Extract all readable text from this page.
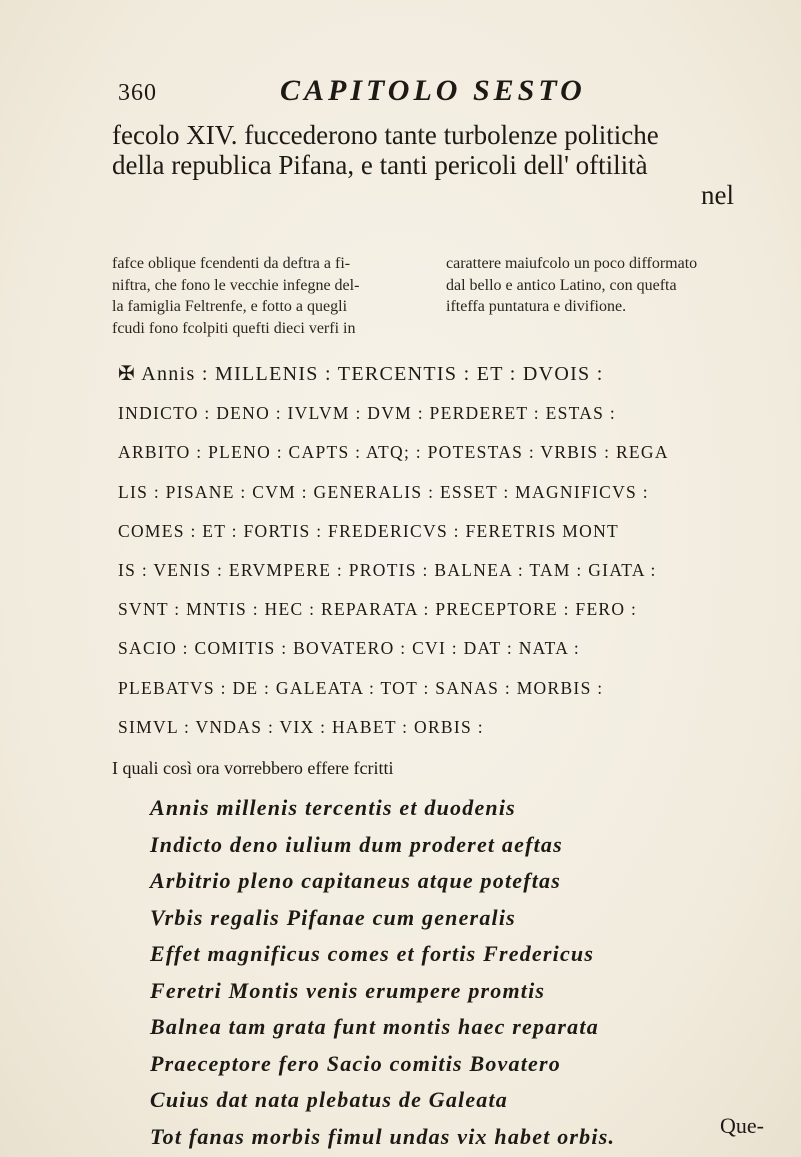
360	CAPITOLO SESTO
fecolo XIV. fuccederono tante turbolenze politiche
della republica Pifana, e tanti pericoli dell' oftilità
nel
fafce oblique fcendenti da deftra a fi-
niftra, che fono le vecchie infegne del-
la famiglia Feltrenfe, e fotto a quegli
fcudi fono fcolpiti quefti dieci verfi in
carattere maiufcolo un poco difformato
dal bello e antico Latino, con quefta
ifteffa puntatura e divifione.
✠ Annis : MILLENIS : TERCENTIS : ET : DVOIS :
INDICTO : DENO : IVLVM : DVM : PERDERET : ESTAS :
ARBITO : PLENO : CAPTS : ATQ; : POTESTAS : VRBIS : REGA
LIS : PISANE : CVM : GENERALIS : ESSET : MAGNIFICVS :
COMES : ET : FORTIS : FREDERICVS : FERETRIS MONT
IS : VENIS : ERVMPERE : PROTIS : BALNEA : TAM : GIATA :
SVNT : MNTIS : HEC : REPARATA : PRECEPTORE : FERO :
SACIO : COMITIS : BOVATERO : CVI : DAT : NATA :
PLEBATVS : DE : GALEATA : TOT : SANAS : MORBIS :
SIMVL : VNDAS : VIX : HABET : ORBIS :
I quali così ora vorrebbero effere fcritti
Annis millenis tercentis et duodenis
Indicto deno iulium dum proderet aeftas
Arbitrio pleno capitaneus atque poteftas
Vrbis regalis Pifanae cum generalis
Effet magnificus comes et fortis Fredericus
Feretri Montis venis erumpere promtis
Balnea tam grata funt montis haec reparata
Praeceptore fero Sacio comitis Bovatero
Cuius dat nata plebatus de Galeata
Tot fanas morbis fimul undas vix habet orbis.	Que-
